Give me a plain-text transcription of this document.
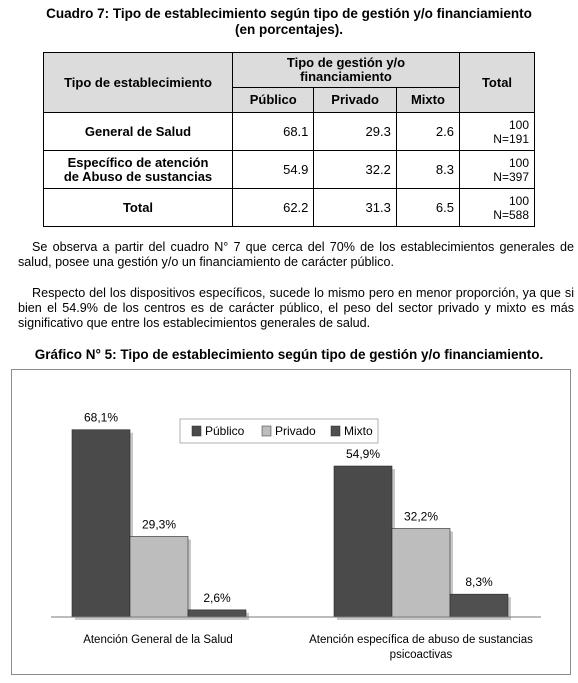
Cuadro 7: Tipo de establecimiento según tipo de gestión y/o financiamiento
(en porcentajes).

Tipo de establecimiento	Tipo de gestión y/o
financiamiento			Total
	Público	Privado	Mixto	
General de Salud	68.1	29.3	2.6	100
N=191
Específico de atención
de Abuso de sustancias	54.9	32.2	8.3	100
N=397
Total	62.2	31.3	6.5	100
N=588

Se observa a partir del cuadro N° 7 que cerca del 70% de los establecimientos generales de salud, posee una gestión y/o un financiamiento de carácter público.

Respecto del los dispositivos específicos, sucede lo mismo pero en menor proporción, ya que si bien el 54.9% de los centros es de carácter público, el peso del sector privado y mixto es más significativo que entre los establecimientos generales de salud.

Gráfico N° 5: Tipo de establecimiento según tipo de gestión y/o financiamiento.

Público	Privado Mixto
68,1%
54,9%
29,3%
32,2%
2,6%
8,3%
Atención General de la Salud	Atención específica de abuso de sustancias
psicoactivas
